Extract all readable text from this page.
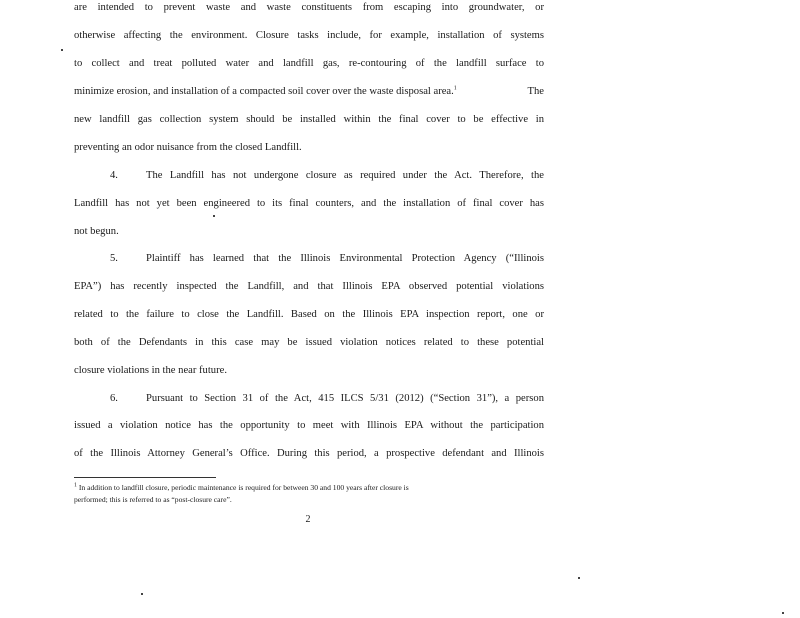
are intended to prevent waste and waste constituents from escaping into groundwater, or
otherwise affecting the environment. Closure tasks include, for example, installation of systems
to collect and treat polluted water and landfill gas, re-contouring of the landfill surface to
minimize erosion, and installation of a compacted soil cover over the waste disposal area.$^1$	The
new landfill gas collection system should be installed within the final cover to be effective in
preventing an odor nuisance from the closed Landfill.
4.	The Landfill has not undergone closure as required under the Act. Therefore, the
Landfill has not yet been engineered to its final counters, and the installation of final cover has
not begun.
5.	Plaintiff has learned that the Illinois Environmental Protection Agency (“Illinois
EPA”) has recently inspected the Landfill, and that Illinois EPA observed potential violations
related to the failure to close the Landfill. Based on the Illinois EPA inspection report, one or
both of the Defendants in this case may be issued violation notices related to these potential
closure violations in the near future.
6.	Pursuant to Section 31 of the Act, 415 ILCS 5/31 (2012) (“Section 31”), a person
issued a violation notice has the opportunity to meet with Illinois EPA without the participation
of the Illinois Attorney General’s Office. During this period, a prospective defendant and Illinois
$^1$ In addition to landfill closure, periodic maintenance is required for between 30 and 100 years after closure is
performed; this is referred to as “post-closure care”.
2
